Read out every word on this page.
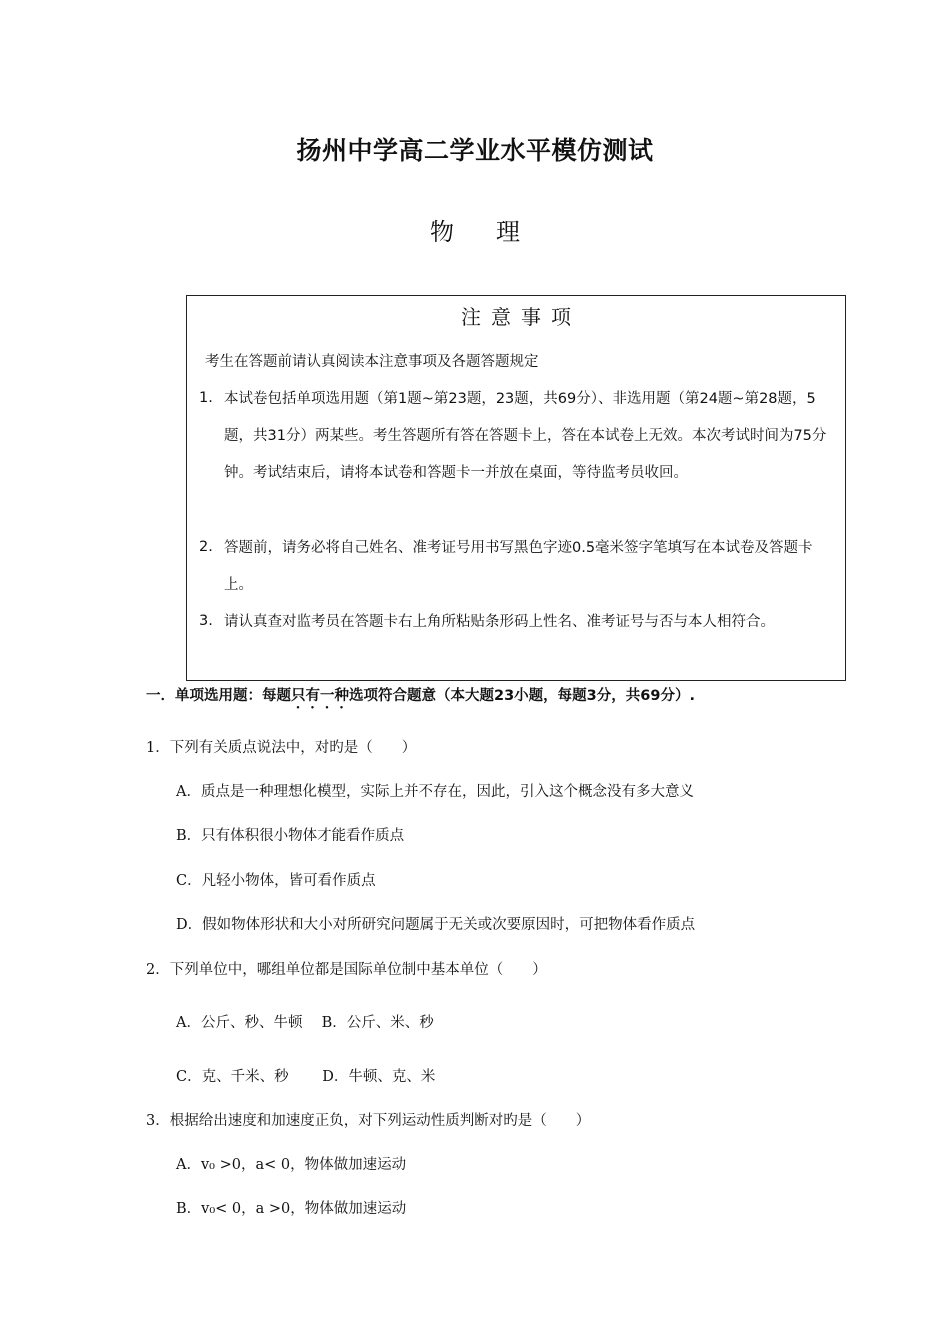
扬州中学高二学业水平模仿测试
物理
注意事项
考生在答题前请认真阅读本注意事项及各题答题规定
1. 本试卷包括单项选用题（第1题~第23题，23题，共69分）、非选用题（第24题~第28题，5题，共31分）两某些。考生答题所有答在答题卡上，答在本试卷上无效。本次考试时间为75分钟。考试结束后，请将本试卷和答题卡一并放在桌面，等待监考员收回。
2. 答题前，请务必将自己姓名、准考证号用书写黑色字迹0.5毫米签字笔填写在本试卷及答题卡上。
3. 请认真查对监考员在答题卡右上角所粘贴条形码上性名、准考证号与否与本人相符合。
一．单项选用题：每题只有一种选项符合题意（本大题23小题，每题3分，共69分）.
1．下列有关质点说法中，对旳是（　　）
A．质点是一种理想化模型，实际上并不存在，因此，引入这个概念没有多大意义
B．只有体积很小物体才能看作质点
C．凡轻小物体，皆可看作质点
D．假如物体形状和大小对所研究问题属于无关或次要原因时，可把物体看作质点
2．下列单位中，哪组单位都是国际单位制中基本单位（　　）
A．公斤、秒、牛顿　 B．公斤、米、秒
C．克、千米、秒　 　D．牛顿、克、米
3．根据给出速度和加速度正负，对下列运动性质判断对旳是（　　）
A．v₀ >0，a< 0，物体做加速运动
B．v₀< 0，a >0，物体做加速运动
